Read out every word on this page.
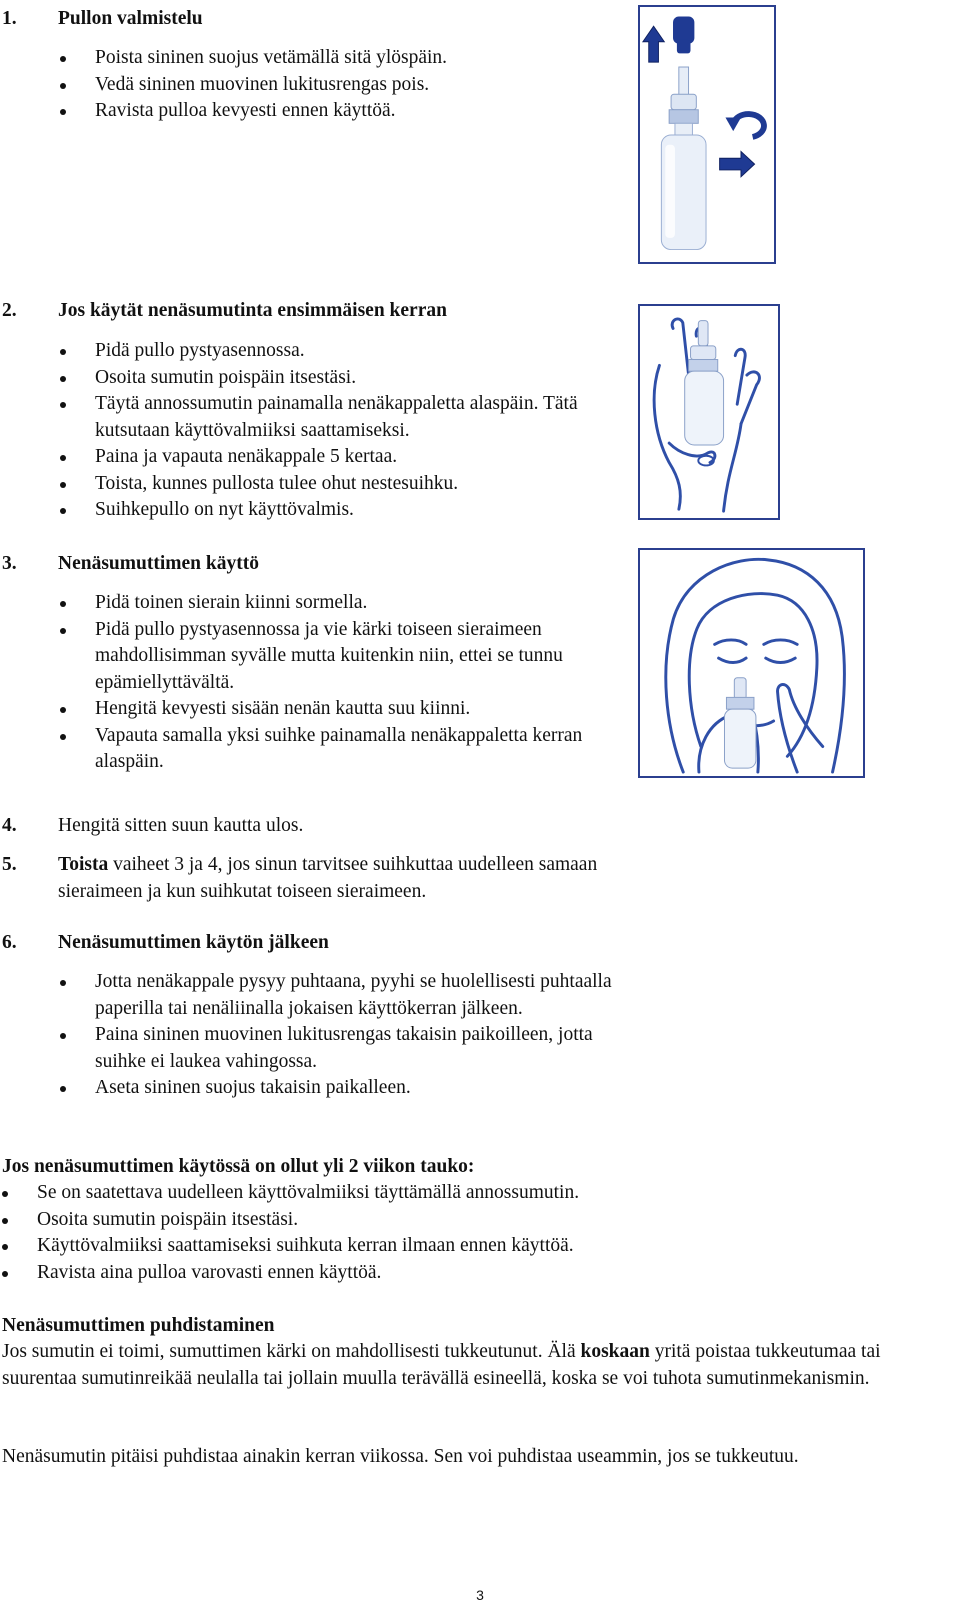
1. Pullon valmistelu
Poista sininen suojus vetämällä sitä ylöspäin.
Vedä sininen muovinen lukitusrengas pois.
Ravista pulloa kevyesti ennen käyttöä.
2. Jos käytät nenäsumutinta ensimmäisen kerran
Pidä pullo pystyasennossa.
Osoita sumutin poispäin itsestäsi.
Täytä annossumutin painamalla nenäkappaletta alaspäin. Tätä kutsutaan käyttövalmiiksi saattamiseksi.
Paina ja vapauta nenäkappale 5 kertaa.
Toista, kunnes pullosta tulee ohut nestesuihku.
Suihkepullo on nyt käyttövalmis.
3. Nenäsumuttimen käyttö
Pidä toinen sierain kiinni sormella.
Pidä pullo pystyasennossa ja vie kärki toiseen sieraimeen mahdollisimman syvälle mutta kuitenkin niin, ettei se tunnu epämiellyttävältä.
Hengitä kevyesti sisään nenän kautta suu kiinni.
Vapauta samalla yksi suihke painamalla nenäkappaletta kerran alaspäin.
4. Hengitä sitten suun kautta ulos.
5. Toista vaiheet 3 ja 4, jos sinun tarvitsee suihkuttaa uudelleen samaan sieraimeen ja kun suihkutat toiseen sieraimeen.
6. Nenäsumuttimen käytön jälkeen
Jotta nenäkappale pysyy puhtaana, pyyhi se huolellisesti puhtaalla paperilla tai nenäliinalla jokaisen käyttökerran jälkeen.
Paina sininen muovinen lukitusrengas takaisin paikoilleen, jotta suihke ei laukea vahingossa.
Aseta sininen suojus takaisin paikalleen.
Jos nenäsumuttimen käytössä on ollut yli 2 viikon tauko:
Se on saatettava uudelleen käyttövalmiiksi täyttämällä annossumutin.
Osoita sumutin poispäin itsestäsi.
Käyttövalmiiksi saattamiseksi suihkuta kerran ilmaan ennen käyttöä.
Ravista aina pulloa varovasti ennen käyttöä.
Nenäsumuttimen puhdistaminen

Jos sumutin ei toimi, sumuttimen kärki on mahdollisesti tukkeutunut. Älä koskaan yritä poistaa tukkeutumaa tai suurentaa sumutinreikää neulalla tai jollain muulla terävällä esineellä, koska se voi tuhota sumutinmekanismin.

Nenäsumutin pitäisi puhdistaa ainakin kerran viikossa. Sen voi puhdistaa useammin, jos se tukkeutuu.

3
